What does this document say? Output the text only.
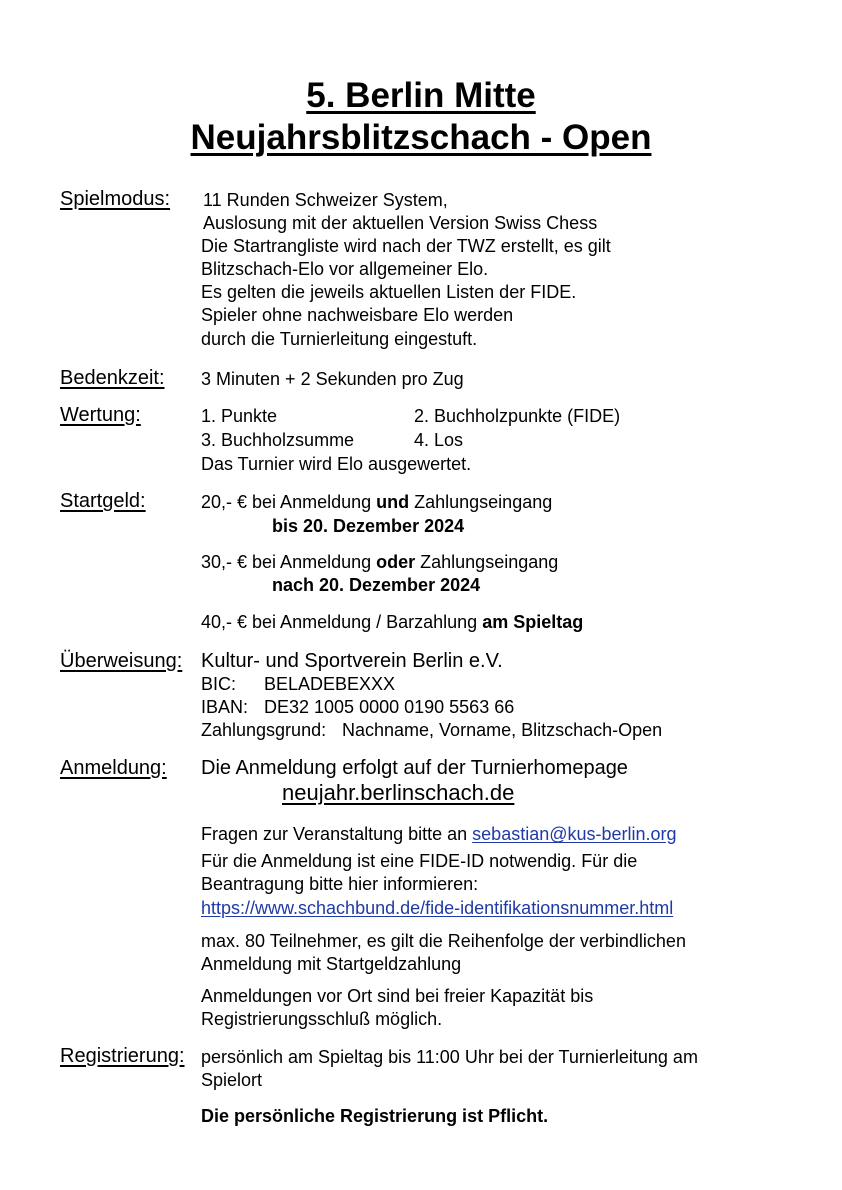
5. Berlin Mitte
Neujahrsblitzschach - Open
Spielmodus: 11 Runden Schweizer System,
Auslosung mit der aktuellen Version Swiss Chess
Die Startrangliste wird nach der TWZ erstellt, es gilt
Blitzschach-Elo vor allgemeiner Elo.
Es gelten die jeweils aktuellen Listen der FIDE.
Spieler ohne nachweisbare Elo werden
durch die Turnierleitung eingestuft.
Bedenkzeit: 3 Minuten + 2 Sekunden pro Zug
Wertung:	1. Punkte	2. Buchholzpunkte (FIDE)
3. Buchholzsumme	4. Los
Das Turnier wird Elo ausgewertet.
Startgeld:	20,- € bei Anmeldung und Zahlungseingang
bis 20. Dezember 2024
30,- € bei Anmeldung oder Zahlungseingang
nach 20. Dezember 2024
40,- € bei Anmeldung / Barzahlung am Spieltag
Überweisung: Kultur- und Sportverein Berlin e.V.
BIC: BELADEBEXXX
IBAN: DE32 1005 0000 0190 5563 66
Zahlungsgrund: Nachname, Vorname, Blitzschach-Open
Anmeldung: Die Anmeldung erfolgt auf der Turnierhomepage
neujahr.berlinschach.de
Fragen zur Veranstaltung bitte an sebastian@kus-berlin.org
Für die Anmeldung ist eine FIDE-ID notwendig. Für die
Beantragung bitte hier informieren:
https://www.schachbund.de/fide-identifikationsnummer.html
max. 80 Teilnehmer, es gilt die Reihenfolge der verbindlichen
Anmeldung mit Startgeldzahlung
Anmeldungen vor Ort sind bei freier Kapazität bis
Registrierungsschluß möglich.
Registrierung: persönlich am Spieltag bis 11:00 Uhr bei der Turnierleitung am
Spielort
Die persönliche Registrierung ist Pflicht.
